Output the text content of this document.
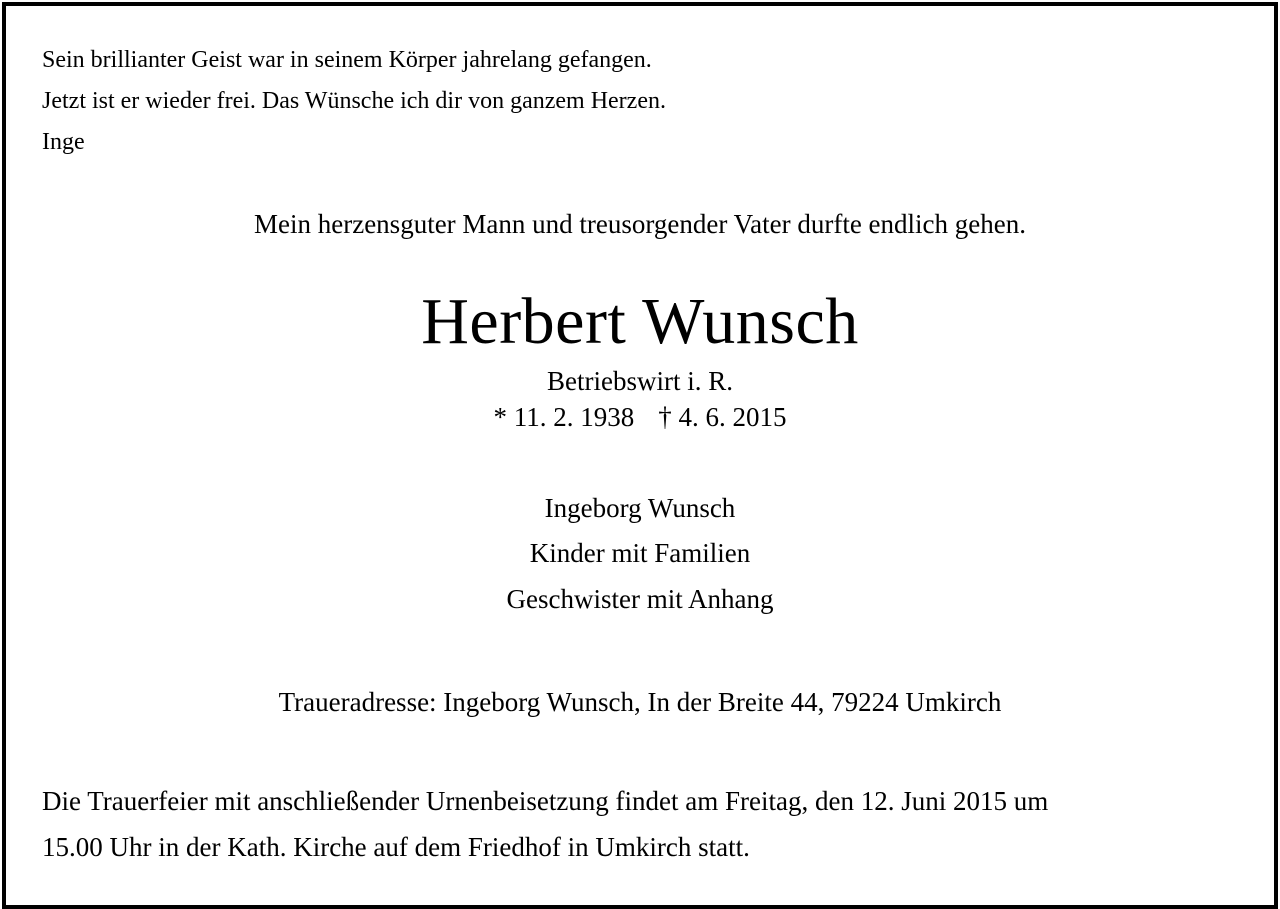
Sein brillianter Geist war in seinem Körper jahrelang gefangen.
Jetzt ist er wieder frei. Das Wünsche ich dir von ganzem Herzen.
Inge
Mein herzensguter Mann und treusorgender Vater durfte endlich gehen.
Herbert Wunsch
Betriebswirt i. R.
* 11. 2. 1938 † 4. 6. 2015
Ingeborg Wunsch
Kinder mit Familien
Geschwister mit Anhang
Traueradresse: Ingeborg Wunsch, In der Breite 44, 79224 Umkirch
Die Trauerfeier mit anschließender Urnenbeisetzung findet am Freitag, den 12. Juni 2015 um
15.00 Uhr in der Kath. Kirche auf dem Friedhof in Umkirch statt.
